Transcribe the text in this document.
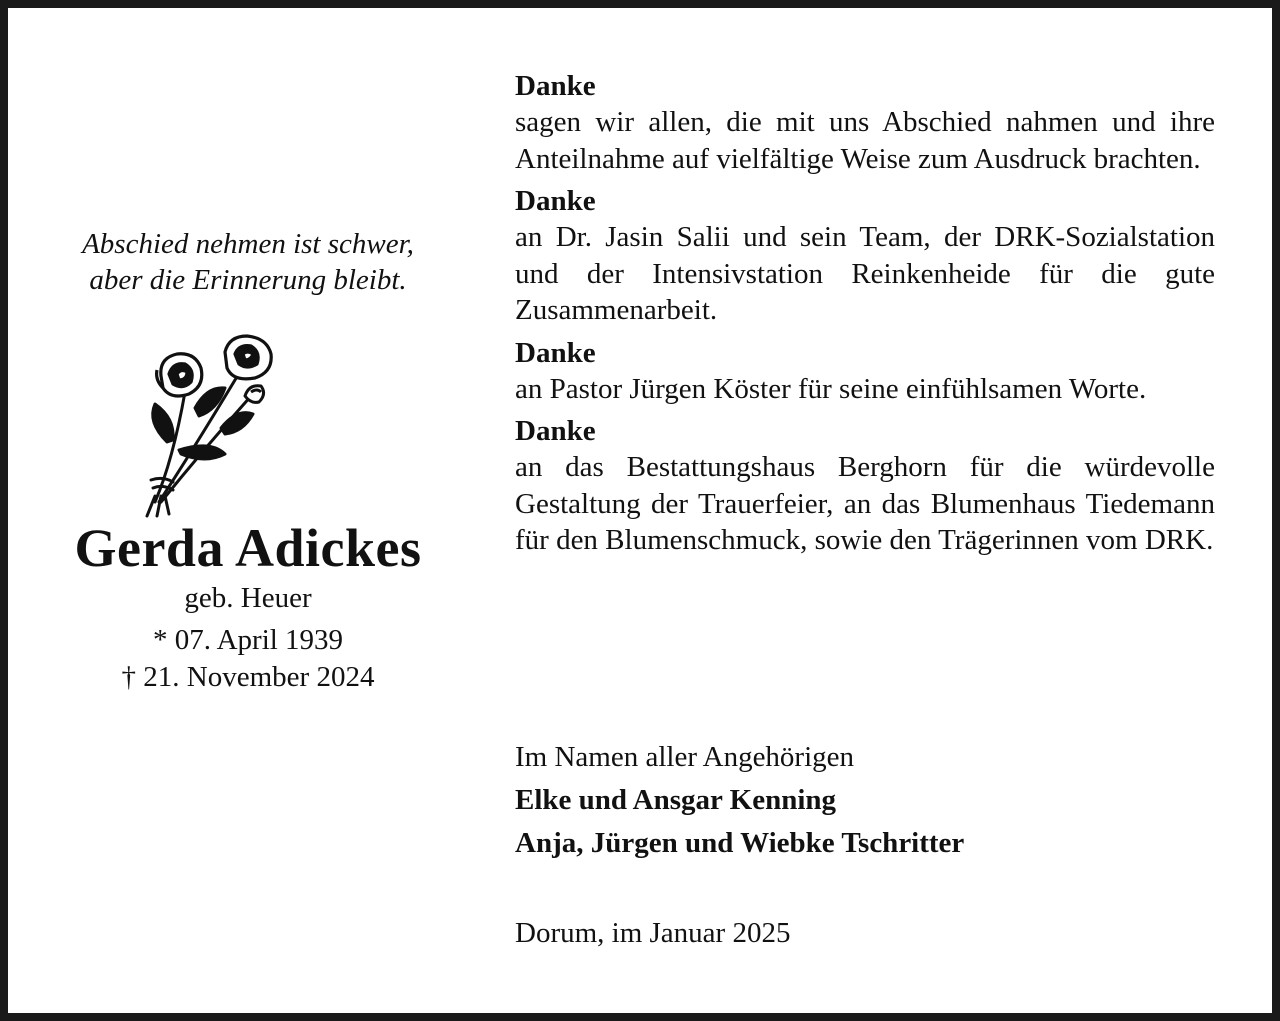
Abschied nehmen ist schwer,
aber die Erinnerung bleibt.
Gerda Adickes
geb. Heuer
* 07. April 1939
† 21. November 2024
Danke
sagen wir allen, die mit uns Abschied nahmen und ihre Anteilnahme auf vielfältige Weise zum Ausdruck brachten.
Danke
an Dr. Jasin Salii und sein Team, der DRK-Sozialstation und der Intensivstation Reinkenheide für die gute Zusammenarbeit.
Danke
an Pastor Jürgen Köster für seine einfühlsamen Worte.
Danke
an das Bestattungshaus Berghorn für die würdevolle Gestaltung der Trauerfeier, an das Blumenhaus Tiedemann für den Blumenschmuck, sowie den Trägerinnen vom DRK.
Im Namen aller Angehörigen
Elke und Ansgar Kenning
Anja, Jürgen und Wiebke Tschritter
Dorum, im Januar 2025
